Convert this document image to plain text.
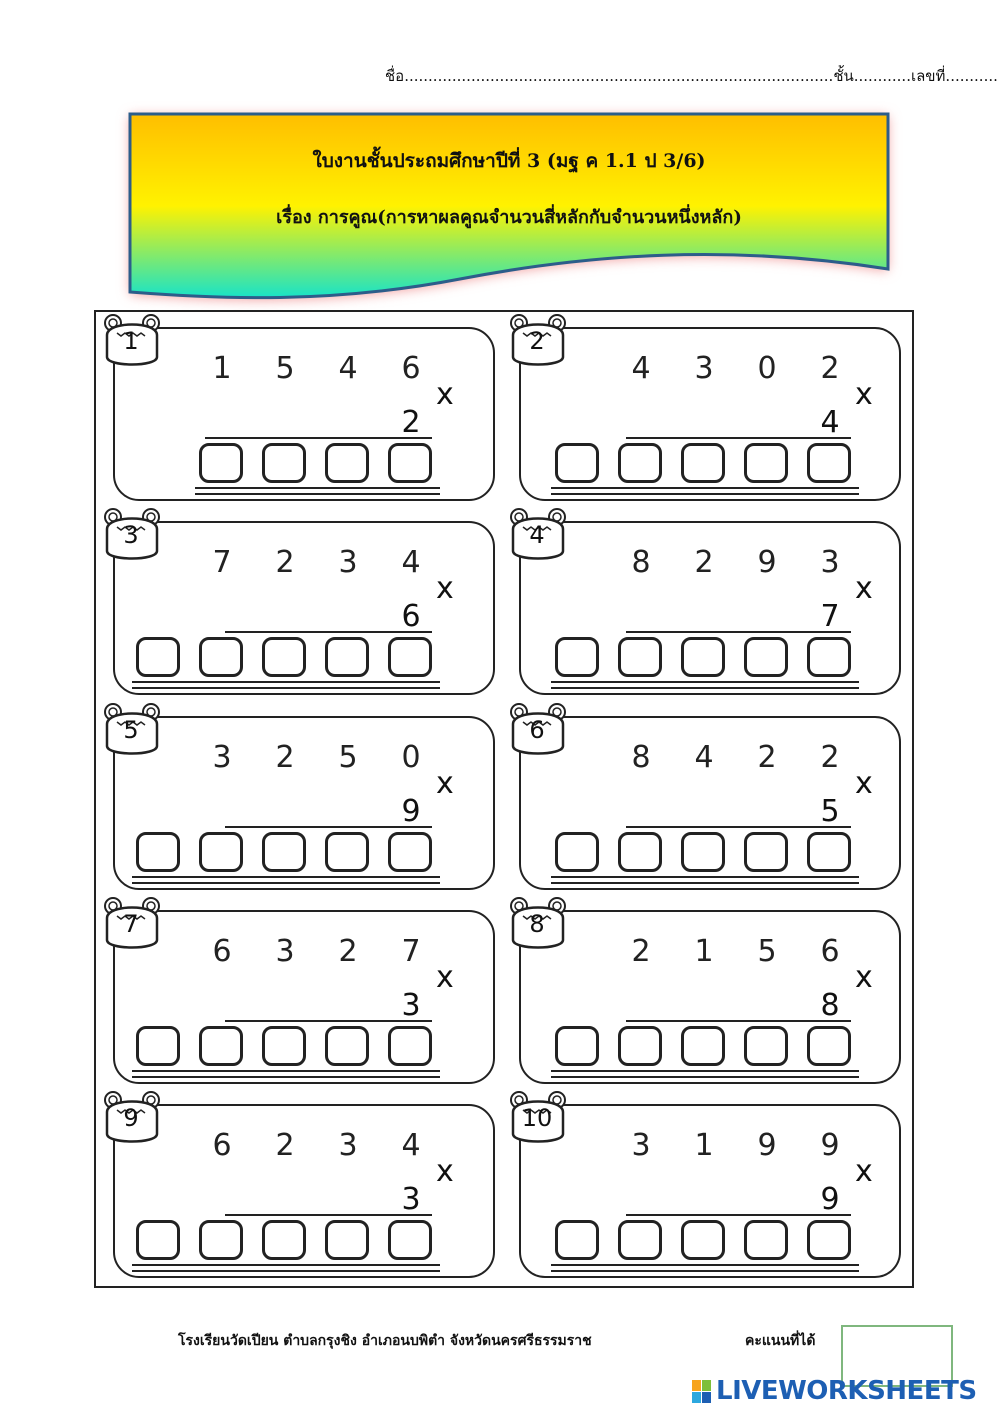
ชื่อ..........................................................................................ชั้น............เลขที่...........
ใบงานชั้นประถมศึกษาปีที่ 3 (มฐ ค 1.1 ป 3/6)
เรื่อง การคูณ(การหาผลคูณจำนวนสี่หลักกับจำนวนหนึ่งหลัก)
1
1 5 4 6
2
x
2
4 3 0 2
4
x
3
7 2 3 4
6
x
4
8 2 9 3
7
x
5
3 2 5 0
9
x
6
8 4 2 2
5
x
7
6 3 2 7
3
x
8
2 1 5 6
8
x
9
6 2 3 4
3
x
10
3 1 9 9
9
x
โรงเรียนวัดเปียน ตำบลกรุงชิง อำเภอนบพิตำ จังหวัดนครศรีธรรมราช	คะแนนที่ได้
LIVEWORKSHEETS
